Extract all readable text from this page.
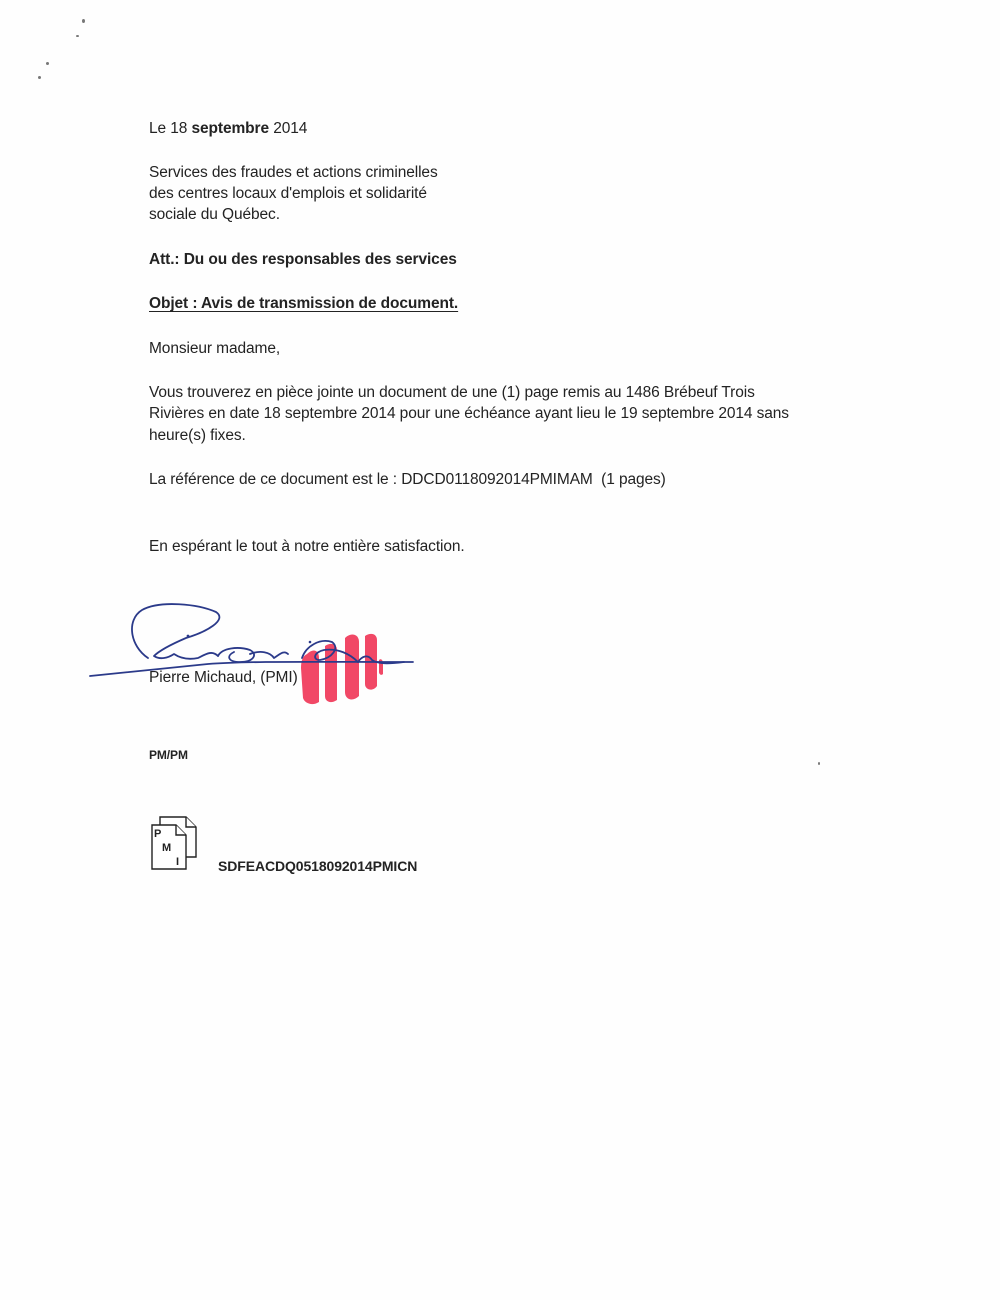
Le 18 septembre 2014
Services des fraudes et actions criminelles
des centres locaux d'emplois et solidarité
sociale du Québec.
Att.: Du ou des responsables des services
Objet : Avis de transmission de document.
Monsieur madame,
Vous trouverez en pièce jointe un document de une (1) page remis au 1486 Brébeuf Trois
Rivières en date 18 septembre 2014 pour une échéance ayant lieu le 19 septembre 2014 sans
heure(s) fixes.
La référence de ce document est le : DDCD0118092014PMIMAM  (1 pages)
En espérant le tout à notre entière satisfaction.
Pierre Michaud, (PMI)
PM/PM
P
M
I	SDFEACDQ0518092014PMICN
